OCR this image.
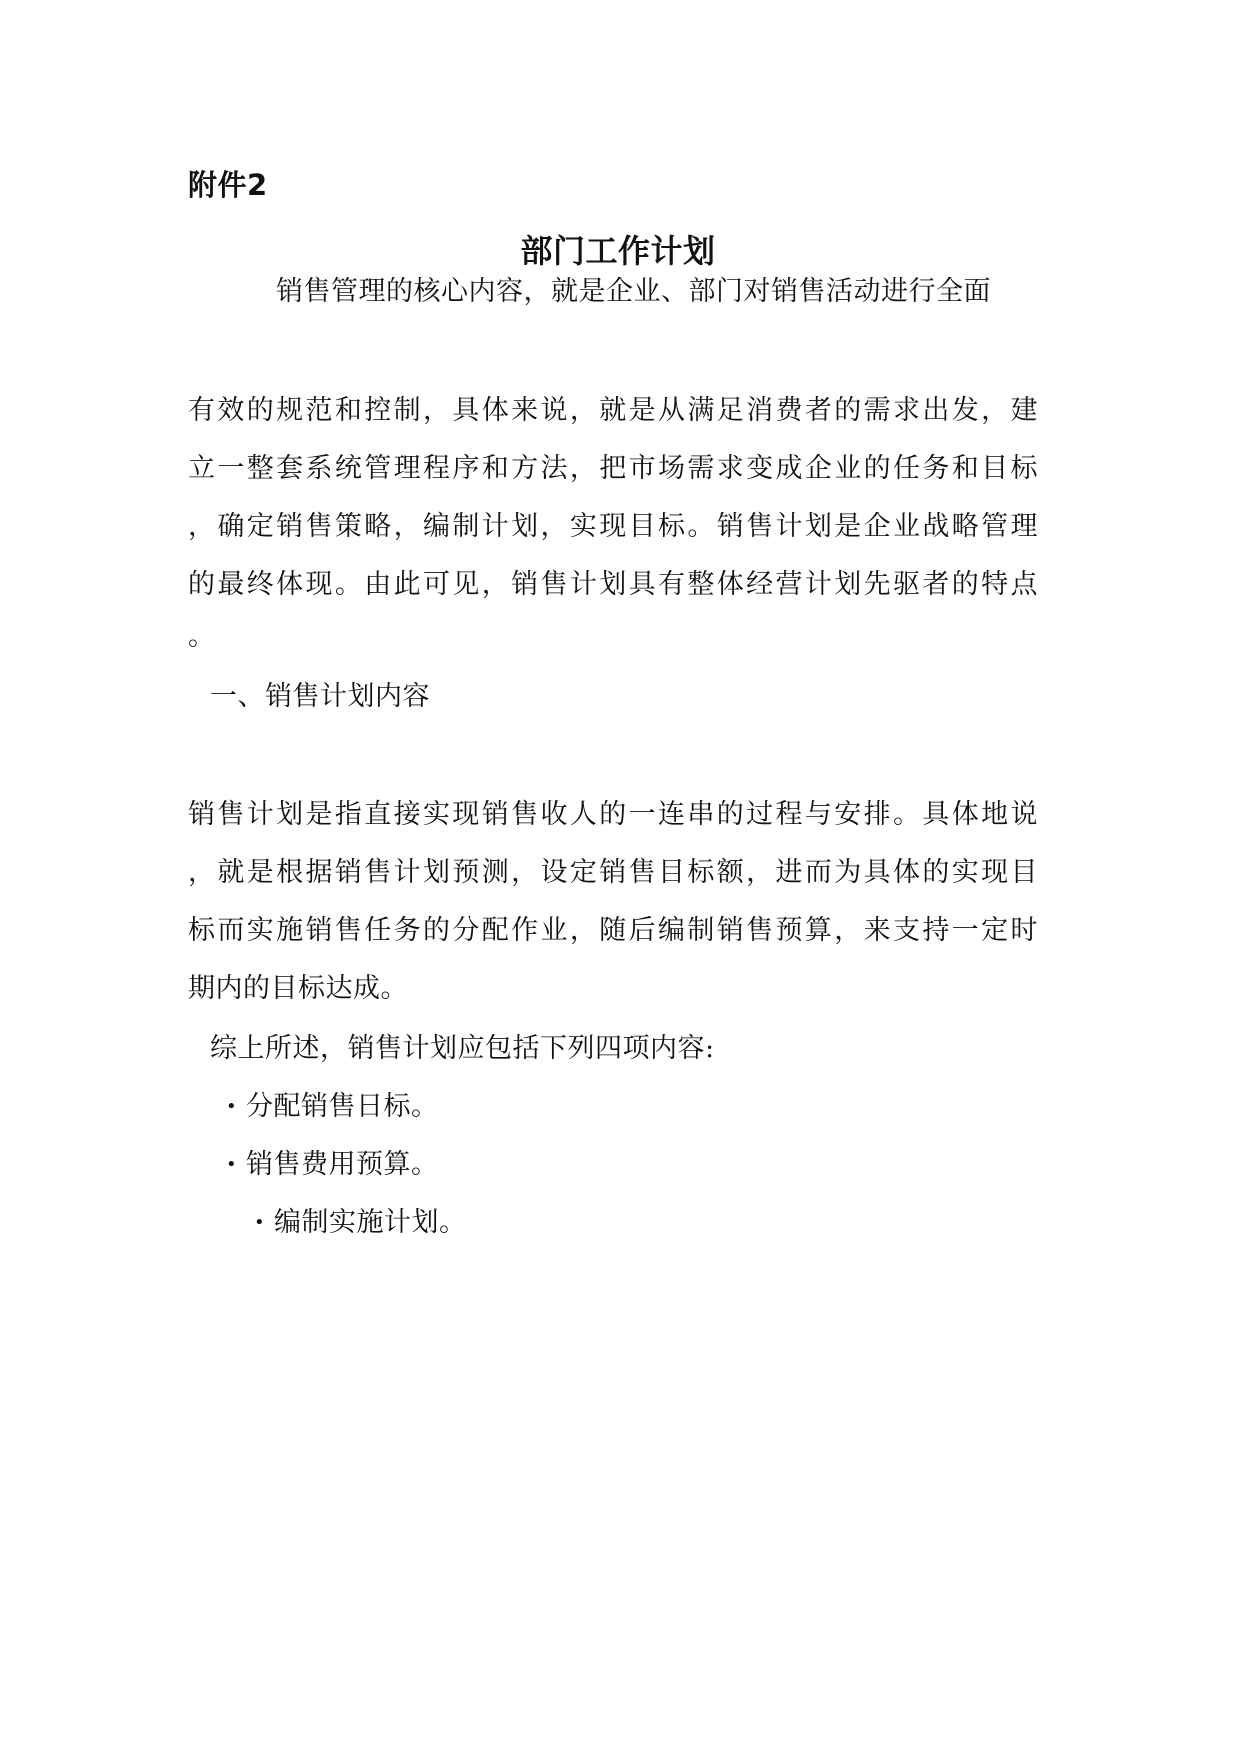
附件2
部门工作计划
销售管理的核心内容，就是企业、部门对销售活动进行全面
有效的规范和控制，具体来说，就是从满足消费者的需求出发，建
立一整套系统管理程序和方法，把市场需求变成企业的任务和目标
，确定销售策略，编制计划，实现目标。销售计划是企业战略管理
的最终体现。由此可见，销售计划具有整体经营计划先驱者的特点
。
一、销售计划内容
销售计划是指直接实现销售收人的一连串的过程与安排。具体地说
，就是根据销售计划预测，设定销售目标额，进而为具体的实现目
标而实施销售任务的分配作业，随后编制销售预算，来支持一定时
期内的目标达成。
综上所述，销售计划应包括下列四项内容:
• 分配销售日标。
• 销售费用预算。
• 编制实施计划。
